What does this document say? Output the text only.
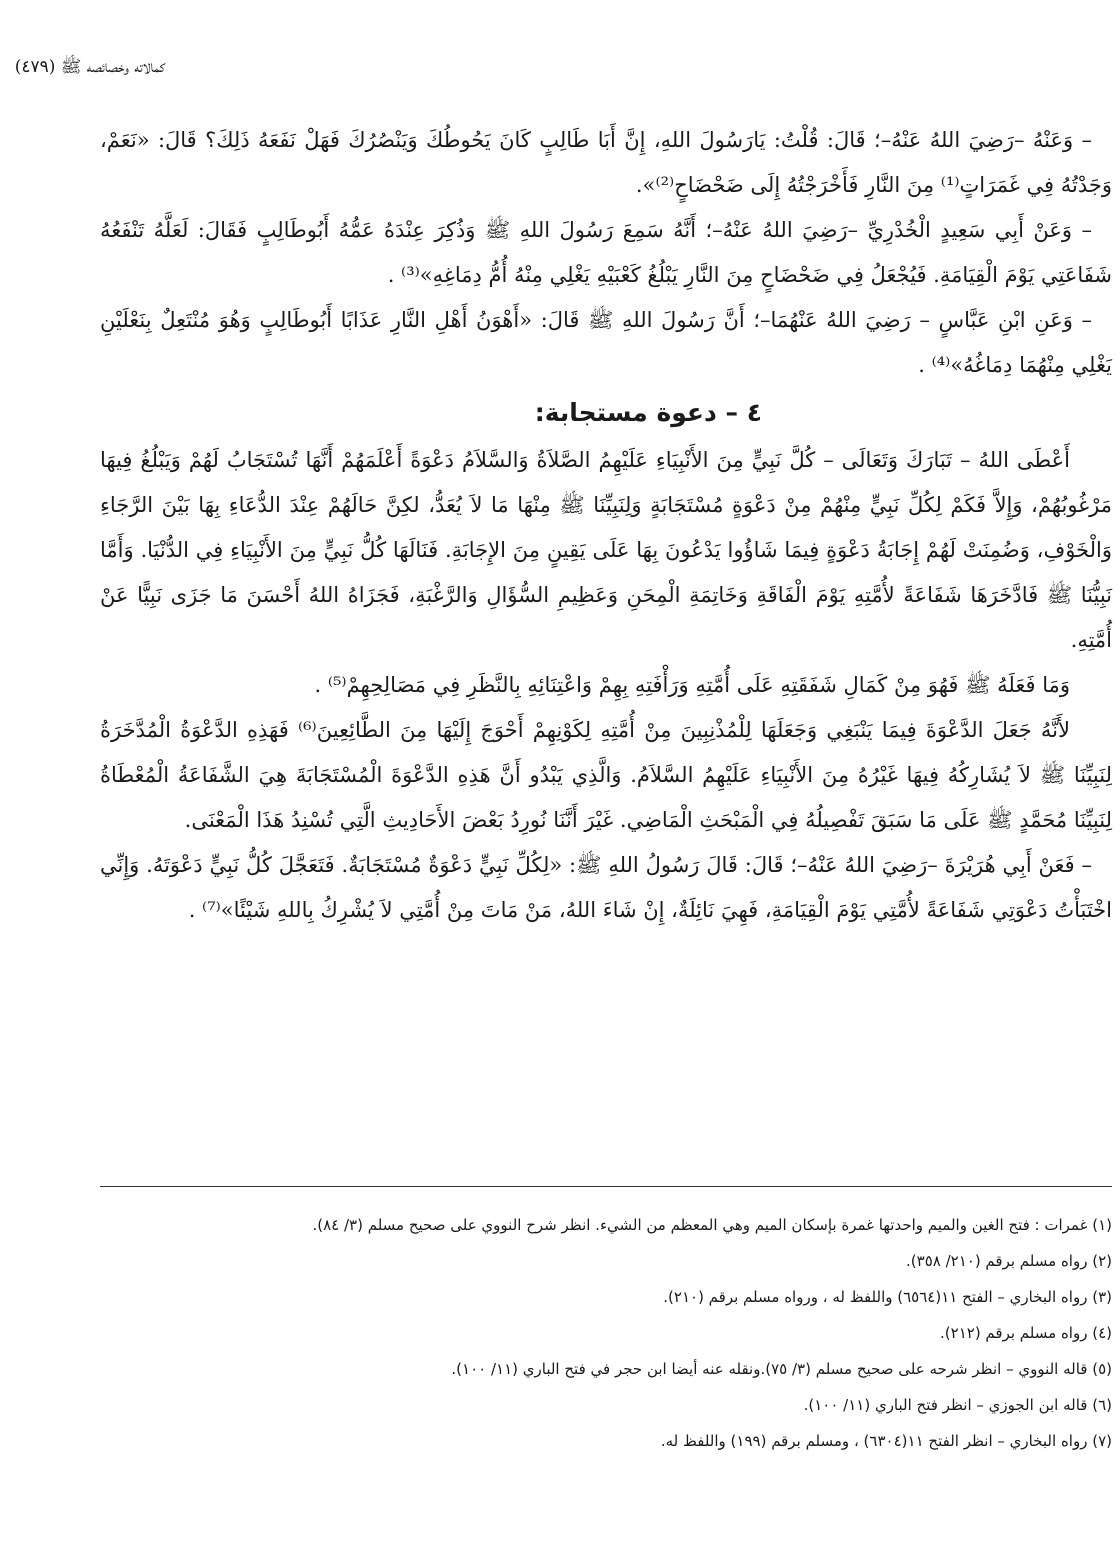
كمالاته وخصائصه ﷺ (٤٧٩)

– وَعَنْهُ –رَضِيَ اللهُ عَنْهُ–؛ قَالَ: قُلْتُ: يَارَسُولَ اللهِ، إِنَّ أَبَا طَالِبٍ كَانَ يَحُوطُكَ وَيَنْصُرُكَ فَهَلْ نَفَعَهُ ذَلِكَ؟ قَالَ: «نَعَمْ، وَجَدْتُهُ فِي غَمَرَاتٍ⁽¹⁾ مِنَ النَّارِ فَأَخْرَجْتُهُ إِلَى ضَحْضَاحٍ⁽²⁾».

– وَعَنْ أَبِي سَعِيدٍ الْخُدْرِيِّ –رَضِيَ اللهُ عَنْهُ–؛ أَنَّهُ سَمِعَ رَسُولَ اللهِ ﷺ وَذُكِرَ عِنْدَهُ عَمُّهُ أَبُوطَالِبٍ فَقَالَ: لَعَلَّهُ تَنْفَعُهُ شَفَاعَتِي يَوْمَ الْقِيَامَةِ. فَيُجْعَلُ فِي ضَحْضَاحٍ مِنَ النَّارِ يَبْلُغُ كَعْبَيْهِ يَغْلِي مِنْهُ أُمُّ دِمَاغِهِ»⁽³⁾ .

– وَعَنِ ابْنِ عَبَّاسٍ – رَضِيَ اللهُ عَنْهُمَا–؛ أَنَّ رَسُولَ اللهِ ﷺ قَالَ: «أَهْوَنُ أَهْلِ النَّارِ عَذَابًا أَبُوطَالِبٍ وَهُوَ مُنْتَعِلٌ بِنَعْلَيْنِ يَغْلِي مِنْهُمَا دِمَاغُهُ»⁽⁴⁾ .

٤ – دعوة مستجابة:

أَعْطَى اللهُ – تَبَارَكَ وَتَعَالَى – كُلَّ نَبِيٍّ مِنَ الأَنْبِيَاءِ عَلَيْهِمُ الصَّلاَةُ وَالسَّلاَمُ دَعْوَةً أَعْلَمَهُمْ أَنَّهَا تُسْتَجَابُ لَهُمْ وَيَبْلُغُ فِيهَا مَرْغُوبُهُمْ، وَإِلاَّ فَكَمْ لِكُلِّ نَبِيٍّ مِنْهُمْ مِنْ دَعْوَةٍ مُسْتَجَابَةٍ وَلِنَبِيِّنَا ﷺ مِنْهَا مَا لاَ يُعَدُّ، لكِنَّ حَالَهُمْ عِنْدَ الدُّعَاءِ بِهَا بَيْنَ الرَّجَاءِ وَالْخَوْفِ، وَضُمِنَتْ لَهُمْ إِجَابَةُ دَعْوَةٍ فِيمَا شَاؤُوا يَدْعُونَ بِهَا عَلَى يَقِينٍ مِنَ الإِجَابَةِ. فَنَالَهَا كُلُّ نَبِيٍّ مِنَ الأَنْبِيَاءِ فِي الدُّنْيَا. وَأَمَّا نَبِيُّنَا ﷺ فَادَّخَرَهَا شَفَاعَةً لأُمَّتِهِ يَوْمَ الْفَاقَةِ وَخَاتِمَةِ الْمِحَنِ وَعَظِيمِ السُّؤَالِ وَالرَّغْبَةِ، فَجَزَاهُ اللهُ أَحْسَنَ مَا جَزَى نَبِيًّا عَنْ أُمَّتِهِ.

وَمَا فَعَلَهُ ﷺ فَهُوَ مِنْ كَمَالِ شَفَقَتِهِ عَلَى أُمَّتِهِ وَرَأْفَتِهِ بِهِمْ وَاعْتِنَائِهِ بِالنَّظَرِ فِي مَصَالِحِهِمْ⁽⁵⁾ .

لأَنَّهُ جَعَلَ الدَّعْوَةَ فِيمَا يَنْبَغِي وَجَعَلَهَا لِلْمُذْنِبِينَ مِنْ أُمَّتِهِ لِكَوْنِهِمْ أَحْوَجَ إِلَيْهَا مِنَ الطَّائِعِينَ⁽⁶⁾ فَهَذِهِ الدَّعْوَةُ الْمُدَّخَرَةُ لِنَبِيِّنَا ﷺ لاَ يُشَارِكُهُ فِيهَا غَيْرُهُ مِنَ الأَنْبِيَاءِ عَلَيْهِمُ السَّلاَمُ. وَالَّذِي يَبْدُو أَنَّ هَذِهِ الدَّعْوَةَ الْمُسْتَجَابَةَ هِيَ الشَّفَاعَةُ الْمُعْطَاةُ لِنَبِيِّنَا مُحَمَّدٍ ﷺ عَلَى مَا سَبَقَ تَفْصِيلُهُ فِي الْمَبْحَثِ الْمَاضِي. غَيْرَ أَنَّنَا نُورِدُ بَعْضَ الأَحَادِيثِ الَّتِي تُسْنِدُ هَذَا الْمَعْنَى.

– فَعَنْ أَبِي هُرَيْرَةَ –رَضِيَ اللهُ عَنْهُ–؛ قَالَ: قَالَ رَسُولُ اللهِ ﷺ: «لِكُلِّ نَبِيٍّ دَعْوَةٌ مُسْتَجَابَةٌ. فَتَعَجَّلَ كُلُّ نَبِيٍّ دَعْوَتَهُ. وَإِنِّي اخْتَبَأْتُ دَعْوَتِي شَفَاعَةً لأُمَّتِي يَوْمَ الْقِيَامَةِ، فَهِيَ نَائِلَةٌ، إِنْ شَاءَ اللهُ، مَنْ مَاتَ مِنْ أُمَّتِي لاَ يُشْرِكُ بِاللهِ شَيْئًا»⁽⁷⁾ .

(١) غمرات : فتح الغين والميم واحدتها غمرة بإسكان الميم وهي المعظم من الشيء. انظر شرح النووي على صحيح مسلم (٣/ ٨٤).

(٢) رواه مسلم برقم (٢١٠/ ٣٥٨).

(٣) رواه البخاري – الفتح ١١(٦٥٦٤) واللفظ له ، ورواه مسلم برقم (٢١٠).

(٤) رواه مسلم برقم (٢١٢).

(٥) قاله النووي – انظر شرحه على صحيح مسلم (٣/ ٧٥).ونقله عنه أيضا ابن حجر في فتح الباري (١١/ ١٠٠).

(٦) قاله ابن الجوزي – انظر فتح الباري (١١/ ١٠٠).

(٧) رواه البخاري – انظر الفتح ١١(٦٣٠٤) ، ومسلم برقم (١٩٩) واللفظ له.
